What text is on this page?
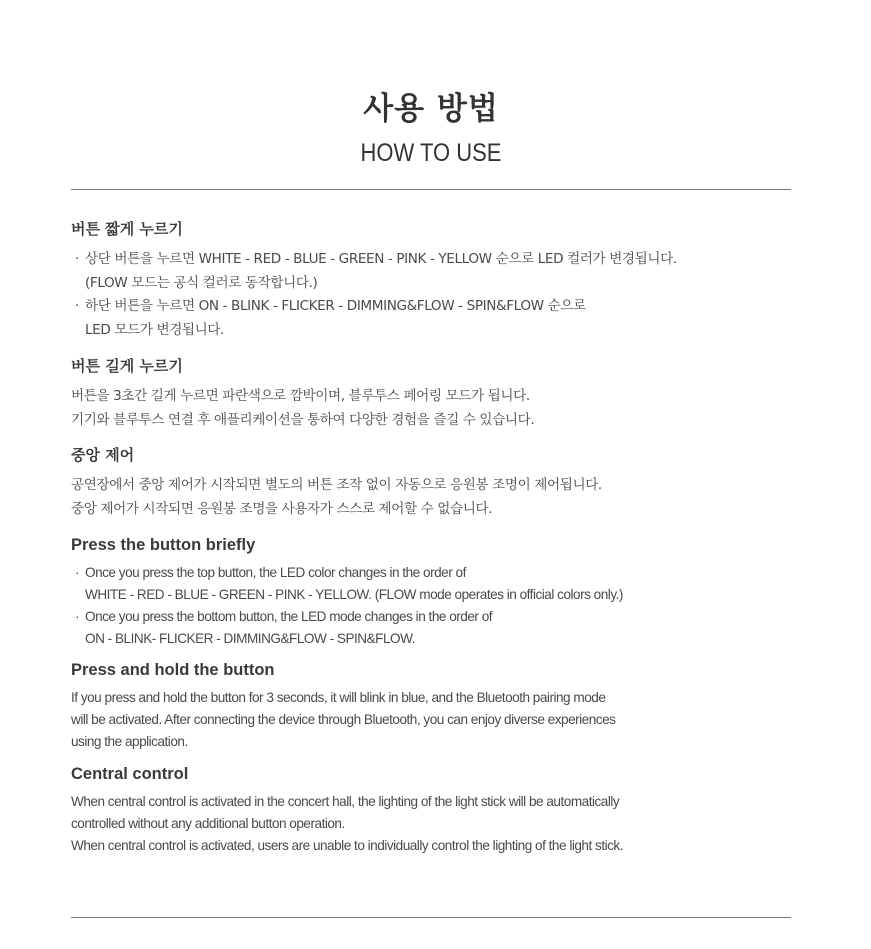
사용 방법
HOW TO USE
버튼 짧게 누르기
· 상단 버튼을 누르면 WHITE - RED - BLUE - GREEN - PINK - YELLOW 순으로 LED 컬러가 변경됩니다.
(FLOW 모드는 공식 컬러로 동작합니다.)
· 하단 버튼을 누르면 ON - BLINK - FLICKER - DIMMING&FLOW - SPIN&FLOW 순으로
LED 모드가 변경됩니다.
버튼 길게 누르기
버튼을 3초간 길게 누르면 파란색으로 깜박이며, 블루투스 페어링 모드가 됩니다.
기기와 블루투스 연결 후 애플리케이션을 통하여 다양한 경험을 즐길 수 있습니다.
중앙 제어
공연장에서 중앙 제어가 시작되면 별도의 버튼 조작 없이 자동으로 응원봉 조명이 제어됩니다.
중앙 제어가 시작되면 응원봉 조명을 사용자가 스스로 제어할 수 없습니다.
Press the button briefly
· Once you press the top button, the LED color changes in the order of
WHITE - RED - BLUE - GREEN - PINK - YELLOW. (FLOW mode operates in official colors only.)
· Once you press the bottom button, the LED mode changes in the order of
ON - BLINK- FLICKER - DIMMING&FLOW - SPIN&FLOW.
Press and hold the button
If you press and hold the button for 3 seconds, it will blink in blue, and the Bluetooth pairing mode
will be activated. After connecting the device through Bluetooth, you can enjoy diverse experiences
using the application.
Central control
When central control is activated in the concert hall, the lighting of the light stick will be automatically
controlled without any additional button operation.
When central control is activated, users are unable to individually control the lighting of the light stick.
